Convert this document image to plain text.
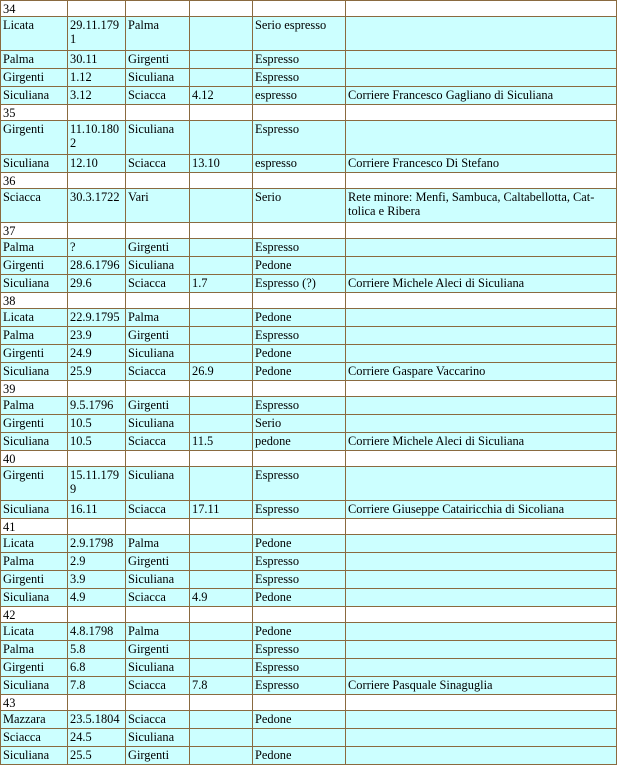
34					
Licata	29.11.1791	Palma		Serio espresso	
Palma	30.11	Girgenti		Espresso	
Girgenti	1.12	Siculiana		Espresso	
Siculiana	3.12	Sciacca	4.12	espresso	Corriere Francesco Gagliano di Siculiana
35					
Girgenti	11.10.1802	Siculiana		Espresso	
Siculiana	12.10	Sciacca	13.10	espresso	Corriere Francesco Di Stefano
36					
Sciacca	30.3.1722	Vari		Serio	Rete minore: Menfi, Sambuca, Caltabellotta, Cat-tolica e Ribera
37					
Palma	?	Girgenti		Espresso	
Girgenti	28.6.1796	Siculiana		Pedone	
Siculiana	29.6	Sciacca	1.7	Espresso (?)	Corriere Michele Aleci di Siculiana
38					
Licata	22.9.1795	Palma		Pedone	
Palma	23.9	Girgenti		Espresso	
Girgenti	24.9	Siculiana		Pedone	
Siculiana	25.9	Sciacca	26.9	Pedone	Corriere Gaspare Vaccarino
39					
Palma	9.5.1796	Girgenti		Espresso	
Girgenti	10.5	Siculiana		Serio	
Siculiana	10.5	Sciacca	11.5	pedone	Corriere Michele Aleci di Siculiana
40					
Girgenti	15.11.1799	Siculiana		Espresso	
Siculiana	16.11	Sciacca	17.11	Espresso	Corriere Giuseppe Catairicchia di Sicoliana
41					
Licata	2.9.1798	Palma		Pedone	
Palma	2.9	Girgenti		Espresso	
Girgenti	3.9	Siculiana		Espresso	
Siculiana	4.9	Sciacca	4.9	Pedone	
42					
Licata	4.8.1798	Palma		Pedone	
Palma	5.8	Girgenti		Espresso	
Girgenti	6.8	Siculiana		Espresso	
Siculiana	7.8	Sciacca	7.8	Espresso	Corriere Pasquale Sinaguglia
43					
Mazzara	23.5.1804	Sciacca		Pedone	
Sciacca	24.5	Siculiana			
Siculiana	25.5	Girgenti		Pedone	
